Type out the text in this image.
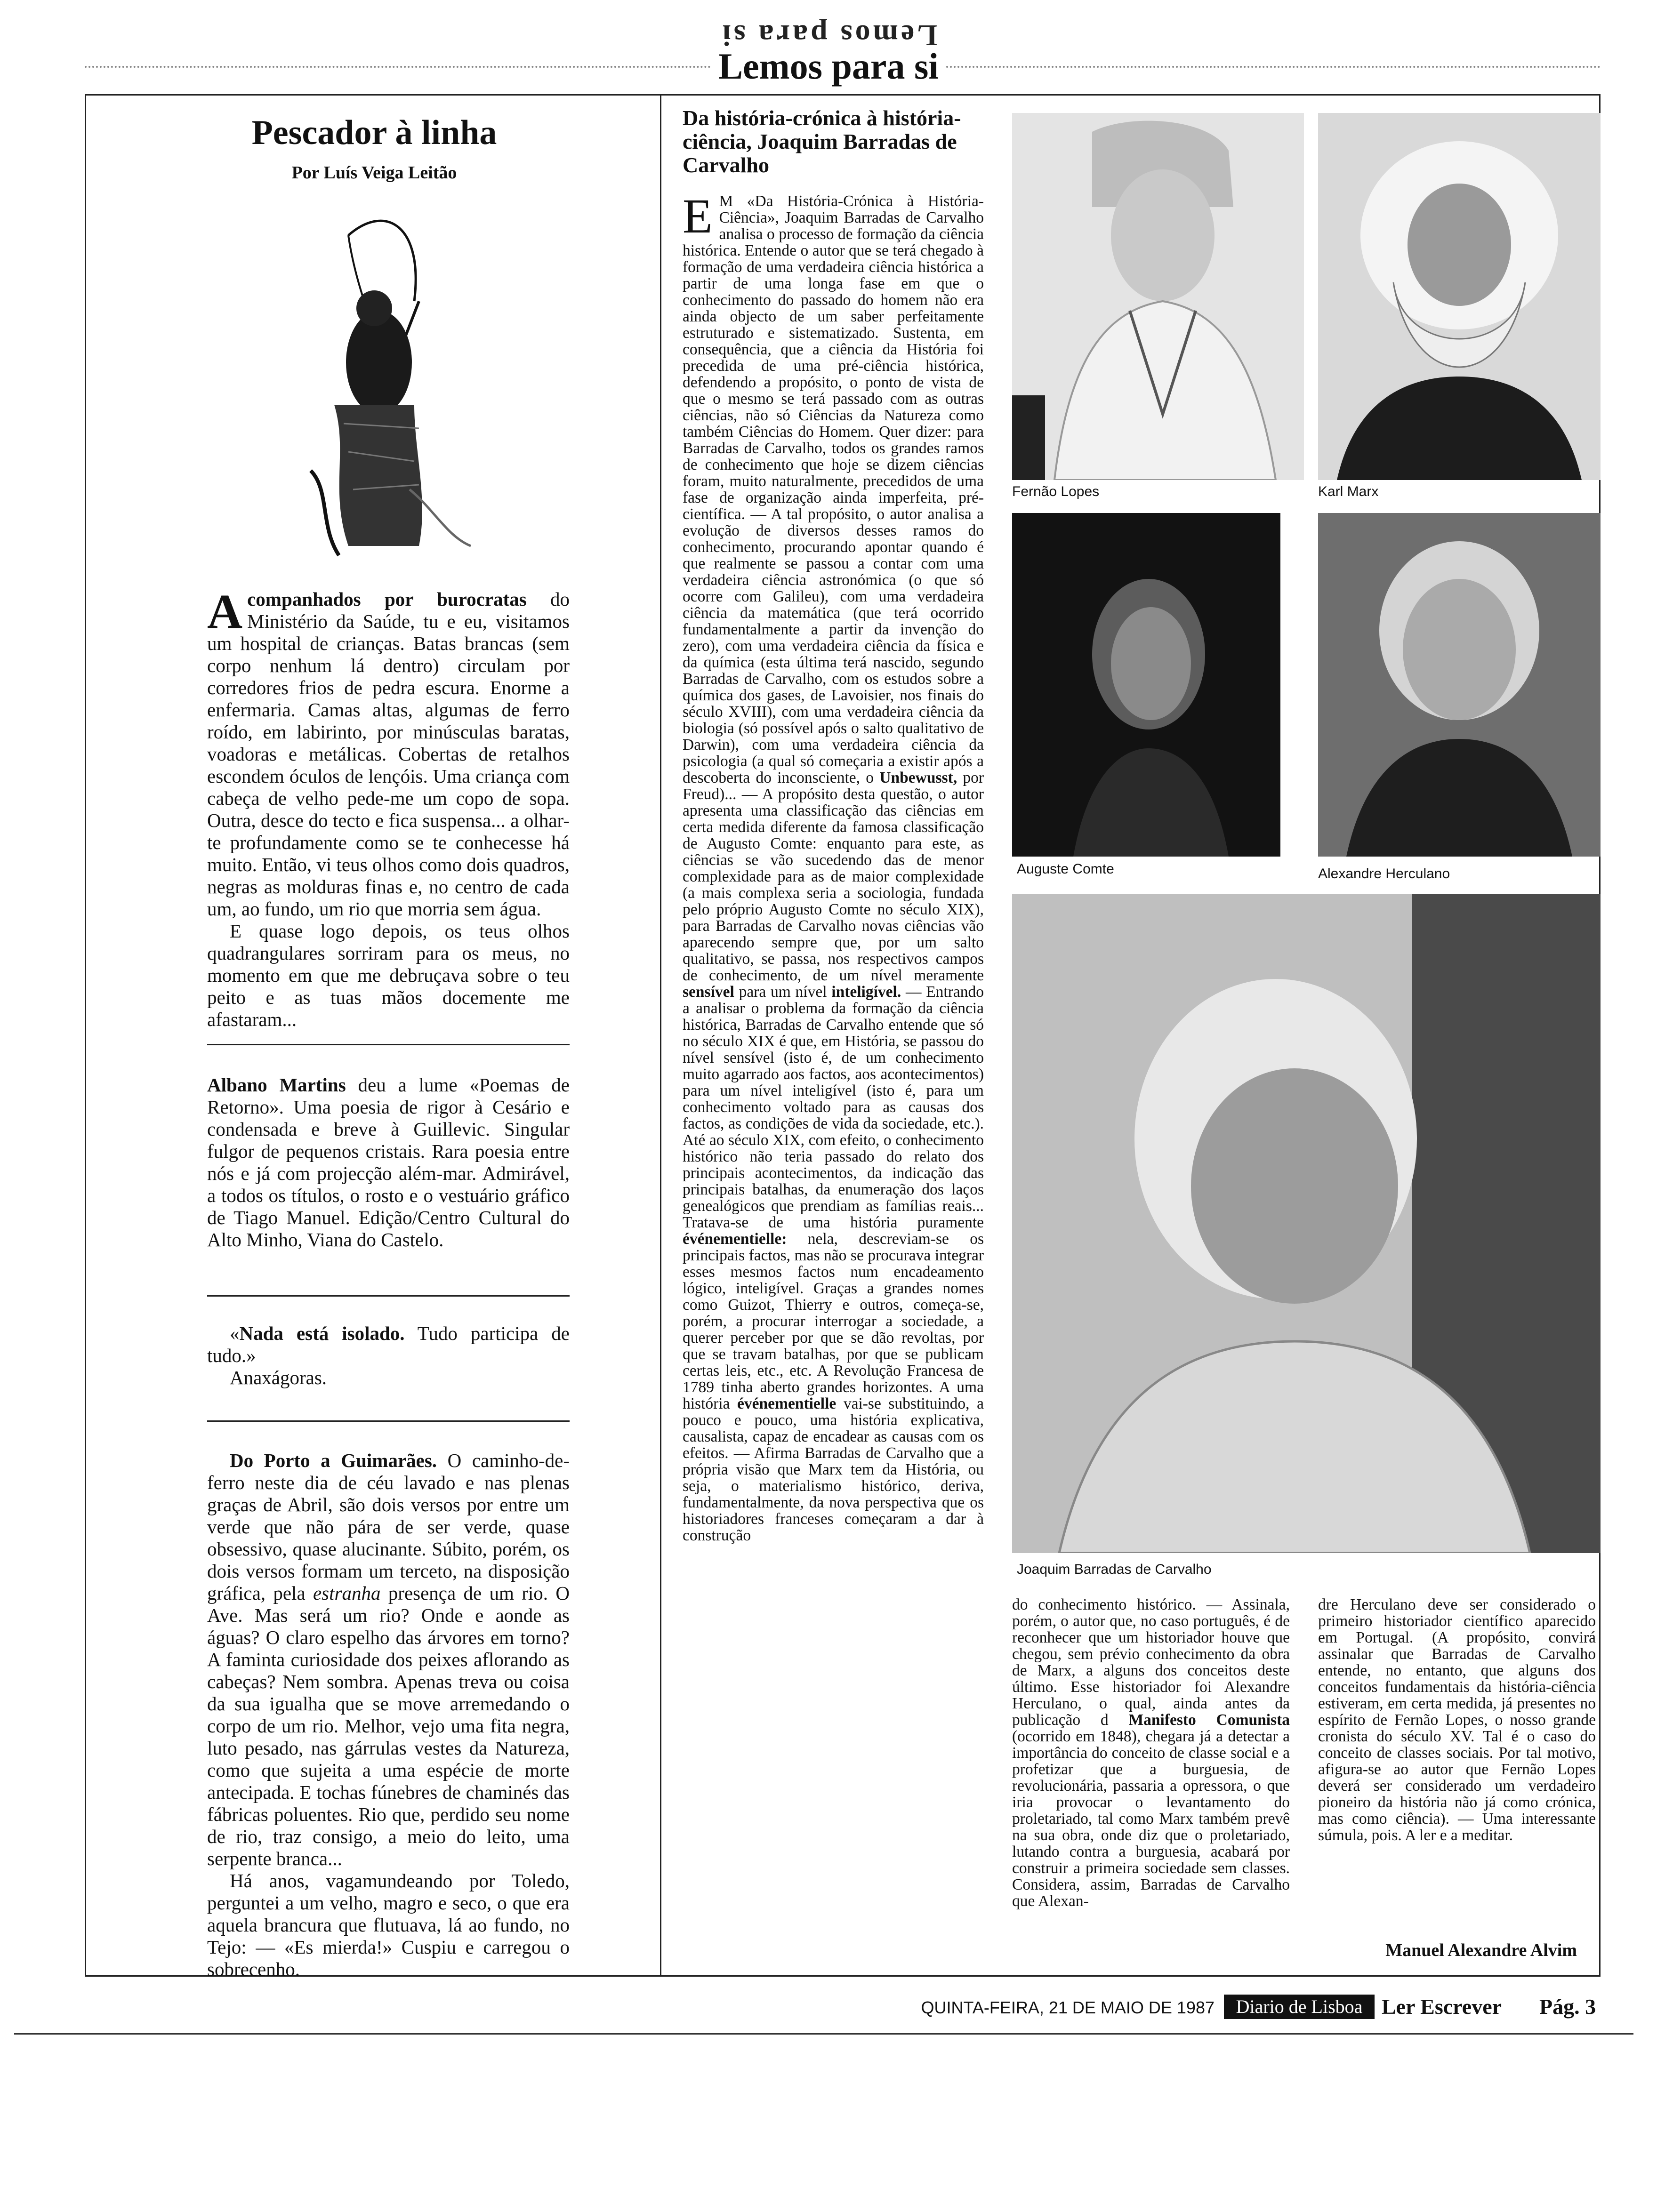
Lemos para si
Lemos para si
Pescador à linha
Por Luís Veiga Leitão

Acompanhados por burocratas do Ministério da Saúde, tu e eu, visitamos um hospital de crianças. Batas brancas (sem corpo nenhum lá dentro) circulam por corredores frios de pedra escura. Enorme a enfermaria. Camas altas, algumas de ferro roído, em labirinto, por minúsculas baratas, voadoras e metálicas. Cobertas de retalhos escondem óculos de lençóis. Uma criança com cabeça de velho pede-me um copo de sopa. Outra, desce do tecto e fica suspensa... a olhar-te profundamente como se te conhecesse há muito. Então, vi teus olhos como dois quadros, negras as molduras finas e, no centro de cada um, ao fundo, um rio que morria sem água.

E quase logo depois, os teus olhos quadrangulares sorriram para os meus, no momento em que me debruçava sobre o teu peito e as tuas mãos docemente me afastaram...

Albano Martins deu a lume «Poemas de Retorno». Uma poesia de rigor à Cesário e condensada e breve à Guillevic. Singular fulgor de pequenos cristais. Rara poesia entre nós e já com projecção além-mar. Admirável, a todos os títulos, o rosto e o vestuário gráfico de Tiago Manuel. Edição/Centro Cultural do Alto Minho, Viana do Castelo.

«Nada está isolado. Tudo participa de tudo.»

Anaxágoras.

Do Porto a Guimarães. O caminho-de-ferro neste dia de céu lavado e nas plenas graças de Abril, são dois versos por entre um verde que não pára de ser verde, quase obsessivo, quase alucinante. Súbito, porém, os dois versos formam um terceto, na disposição gráfica, pela estranha presença de um rio. O Ave. Mas será um rio? Onde e aonde as águas? O claro espelho das árvores em torno? A faminta curiosidade dos peixes aflorando as cabeças? Nem sombra. Apenas treva ou coisa da sua igualha que se move arremedando o corpo de um rio. Melhor, vejo uma fita negra, luto pesado, nas gárrulas vestes da Natureza, como que sujeita a uma espécie de morte antecipada. E tochas fúnebres de chaminés das fábricas poluentes. Rio que, perdido seu nome de rio, traz consigo, a meio do leito, uma serpente branca...

Há anos, vagamundeando por Toledo, perguntei a um velho, magro e seco, o que era aquela brancura que flutuava, lá ao fundo, no Tejo: — «Es mierda!» Cuspiu e carregou o sobrecenho.

Da história-crónica à história-ciência, Joaquim Barradas de Carvalho

E M «Da História-Crónica à História-Ciência», Joaquim Barradas de Carvalho analisa o processo de formação da ciência histórica. Entende o autor que se terá chegado à formação de uma verdadeira ciência histórica a partir de uma longa fase em que o conhecimento do passado do homem não era ainda objecto de um saber perfeitamente estruturado e sistematizado. Sustenta, em consequência, que a ciência da História foi precedida de uma pré-ciência histórica, defendendo a propósito, o ponto de vista de que o mesmo se terá passado com as outras ciências, não só Ciências da Natureza como também Ciências do Homem. Quer dizer: para Barradas de Carvalho, todos os grandes ramos de conhecimento que hoje se dizem ciências foram, muito naturalmente, precedidos de uma fase de organização ainda imperfeita, pré-científica. — A tal propósito, o autor analisa a evolução de diversos desses ramos do conhecimento, procurando apontar quando é que realmente se passou a contar com uma verdadeira ciência astronómica (o que só ocorre com Galileu), com uma verdadeira ciência da matemática (que terá ocorrido fundamentalmente a partir da invenção do zero), com uma verdadeira ciência da física e da química (esta última terá nascido, segundo Barradas de Carvalho, com os estudos sobre a química dos gases, de Lavoisier, nos finais do século XVIII), com uma verdadeira ciência da biologia (só possível após o salto qualitativo de Darwin), com uma verdadeira ciência da psicologia (a qual só começaria a existir após a descoberta do inconsciente, o Unbewusst, por Freud)... — A propósito desta questão, o autor apresenta uma classificação das ciências em certa medida diferente da famosa classificação de Augusto Comte: enquanto para este, as ciências se vão sucedendo das de menor complexidade para as de maior complexidade (a mais complexa seria a sociologia, fundada pelo próprio Augusto Comte no século XIX), para Barradas de Carvalho novas ciências vão aparecendo sempre que, por um salto qualitativo, se passa, nos respectivos campos de conhecimento, de um nível meramente sensível para um nível inteligível. — Entrando a analisar o problema da formação da ciência histórica, Barradas de Carvalho entende que só no século XIX é que, em História, se passou do nível sensível (isto é, de um conhecimento muito agarrado aos factos, aos acontecimentos) para um nível inteligível (isto é, para um conhecimento voltado para as causas dos factos, as condições de vida da sociedade, etc.). Até ao século XIX, com efeito, o conhecimento histórico não teria passado do relato dos principais acontecimentos, da indicação das principais batalhas, da enumeração dos laços genealógicos que prendiam as famílias reais... Tratava-se de uma história puramente événementielle: nela, descreviam-se os principais factos, mas não se procurava integrar esses mesmos factos num encadeamento lógico, inteligível. Graças a grandes nomes como Guizot, Thierry e outros, começa-se, porém, a procurar interrogar a sociedade, a querer perceber por que se dão revoltas, por que se travam batalhas, por que se publicam certas leis, etc., etc. A Revolução Francesa de 1789 tinha aberto grandes horizontes. A uma história événementielle vai-se substituindo, a pouco e pouco, uma história explicativa, causalista, capaz de encadear as causas com os efeitos. — Afirma Barradas de Carvalho que a própria visão que Marx tem da História, ou seja, o materialismo histórico, deriva, fundamentalmente, da nova perspectiva que os historiadores franceses começaram a dar à construção

Fernão Lopes	Karl Marx
Auguste Comte	Alexandre Herculano
Joaquim Barradas de Carvalho

do conhecimento histórico. — Assinala, porém, o autor que, no caso português, é de reconhecer que um historiador houve que chegou, sem prévio conhecimento da obra de Marx, a alguns dos conceitos deste último. Esse historiador foi Alexandre Herculano, o qual, ainda antes da publicação d Manifesto Comunista (ocorrido em 1848), chegara já a detectar a importância do conceito de classe social e a profetizar que a burguesia, de revolucionária, passaria a opressora, o que iria provocar o levantamento do proletariado, tal como Marx também prevê na sua obra, onde diz que o proletariado, lutando contra a burguesia, acabará por construir a primeira sociedade sem classes. Considera, assim, Barradas de Carvalho que Alexan-

dre Herculano deve ser considerado o primeiro historiador científico aparecido em Portugal. (A propósito, convirá assinalar que Barradas de Carvalho entende, no entanto, que alguns dos conceitos fundamentais da história-ciência estiveram, em certa medida, já presentes no espírito de Fernão Lopes, o nosso grande cronista do século XV. Tal é o caso do conceito de classes sociais. Por tal motivo, afigura-se ao autor que Fernão Lopes deverá ser considerado um verdadeiro pioneiro da história não já como crónica, mas como ciência). — Uma interessante súmula, pois. A ler e a meditar.

Manuel Alexandre Alvim
QUINTA-FEIRA, 21 DE MAIO DE 1987	Diario de Lisboa Ler Escrever	Pág. 3
